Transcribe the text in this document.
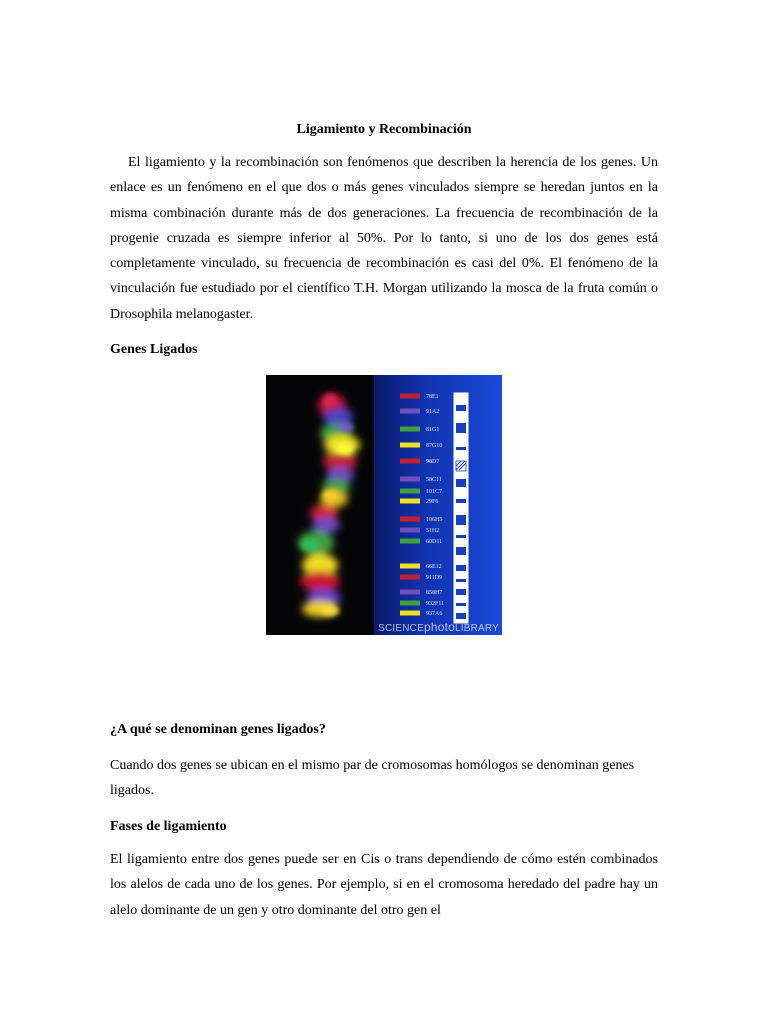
Ligamiento y Recombinación

El ligamiento y la recombinación son fenómenos que describen la herencia de los genes. Un enlace es un fenómeno en el que dos o más genes vinculados siempre se heredan juntos en la misma combinación durante más de dos generaciones. La frecuencia de recombinación de la progenie cruzada es siempre inferior al 50%. Por lo tanto, si uno de los dos genes está completamente vinculado, su frecuencia de recombinación es casi del 0%. El fenómeno de la vinculación fue estudiado por el científico T.H. Morgan utilizando la mosca de la fruta común o Drosophila melanogaster.

Genes Ligados

78E1
91A2
81G1
87G10
98D7
58C11
101C7
29F6
106H5
51H2
60D11
66E12
911D9
858H7
932F11
937A6
SCIENCEphotoLIBRARY

¿A qué se denominan genes ligados?

Cuando dos genes se ubican en el mismo par de cromosomas homólogos se denominan genes ligados.

Fases de ligamiento

El ligamiento entre dos genes puede ser en Cis o trans dependiendo de cómo estén combinados los alelos de cada uno de los genes. Por ejemplo, si en el cromosoma heredado del padre hay un alelo dominante de un gen y otro dominante del otro gen el
